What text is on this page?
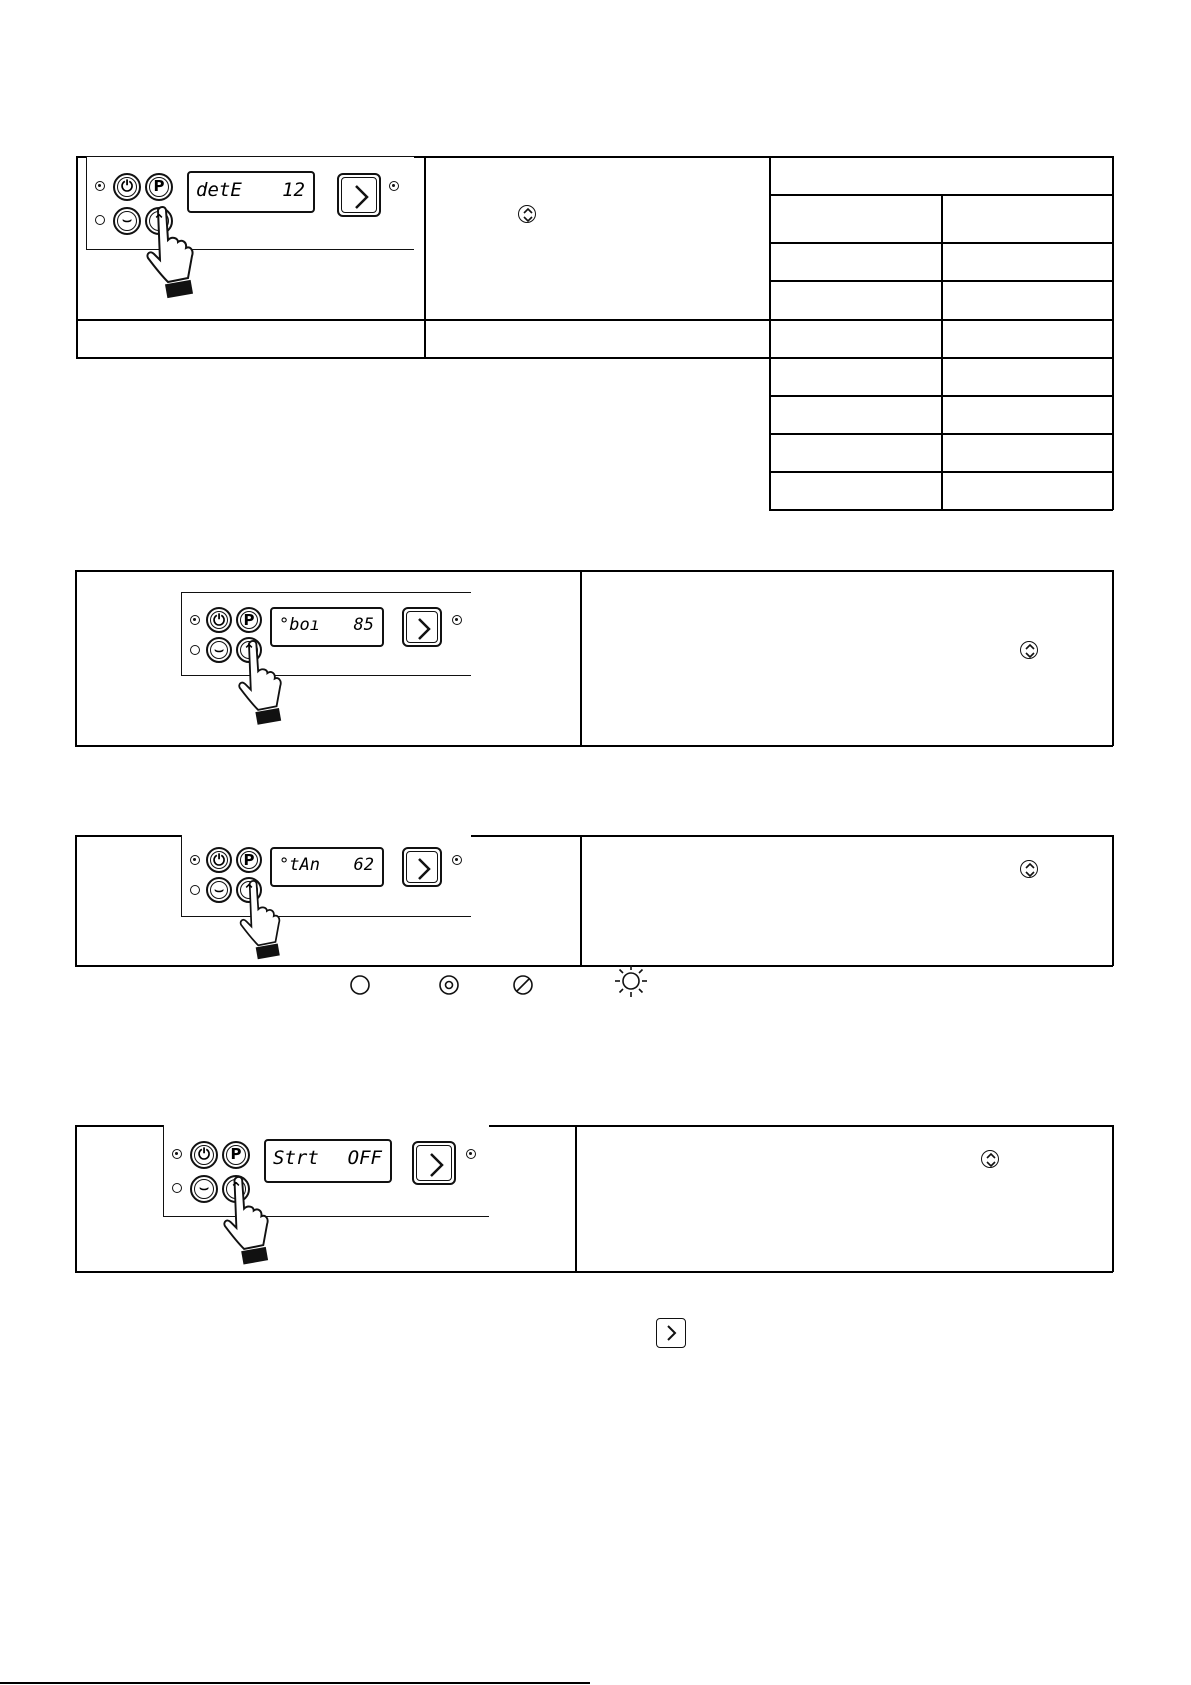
⏻	P
⌣	⌃
detE 12
⏻	P
⌣	⌃
°boı 85
⏻	P
⌣	⌃
°tAn 62
⏻	P
⌣	⌃
Strt OFF
